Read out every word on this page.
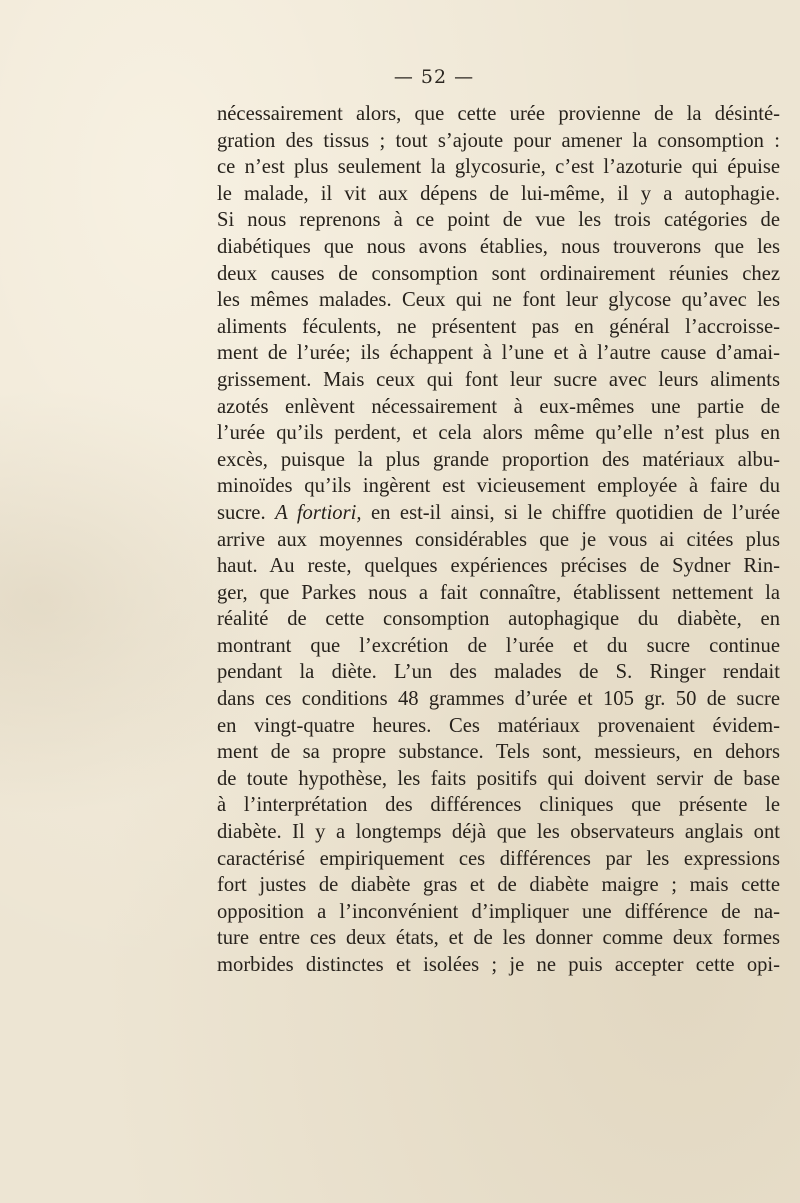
— 52 —
nécessairement alors, que cette urée provienne de la désinté-
gration des tissus ; tout s’ajoute pour amener la consomption :
ce n’est plus seulement la glycosurie, c’est l’azoturie qui épuise
le malade, il vit aux dépens de lui-même, il y a autophagie.
Si nous reprenons à ce point de vue les trois catégories de
diabétiques que nous avons établies, nous trouverons que les
deux causes de consomption sont ordinairement réunies chez
les mêmes malades. Ceux qui ne font leur glycose qu’avec les
aliments féculents, ne présentent pas en général l’accroisse-
ment de l’urée; ils échappent à l’une et à l’autre cause d’amai-
grissement. Mais ceux qui font leur sucre avec leurs aliments
azotés enlèvent nécessairement à eux-mêmes une partie de
l’urée qu’ils perdent, et cela alors même qu’elle n’est plus en
excès, puisque la plus grande proportion des matériaux albu-
minoïdes qu’ils ingèrent est vicieusement employée à faire du
sucre. A fortiori, en est-il ainsi, si le chiffre quotidien de l’urée
arrive aux moyennes considérables que je vous ai citées plus
haut. Au reste, quelques expériences précises de Sydner Rin-
ger, que Parkes nous a fait connaître, établissent nettement la
réalité de cette consomption autophagique du diabète, en
montrant que l’excrétion de l’urée et du sucre continue
pendant la diète. L’un des malades de S. Ringer rendait
dans ces conditions 48 grammes d’urée et 105 gr. 50 de sucre
en vingt-quatre heures. Ces matériaux provenaient évidem-
ment de sa propre substance. Tels sont, messieurs, en dehors
de toute hypothèse, les faits positifs qui doivent servir de base
à l’interprétation des différences cliniques que présente le
diabète. Il y a longtemps déjà que les observateurs anglais ont
caractérisé empiriquement ces différences par les expressions
fort justes de diabète gras et de diabète maigre ; mais cette
opposition a l’inconvénient d’impliquer une différence de na-
ture entre ces deux états, et de les donner comme deux formes
morbides distinctes et isolées ; je ne puis accepter cette opi-
